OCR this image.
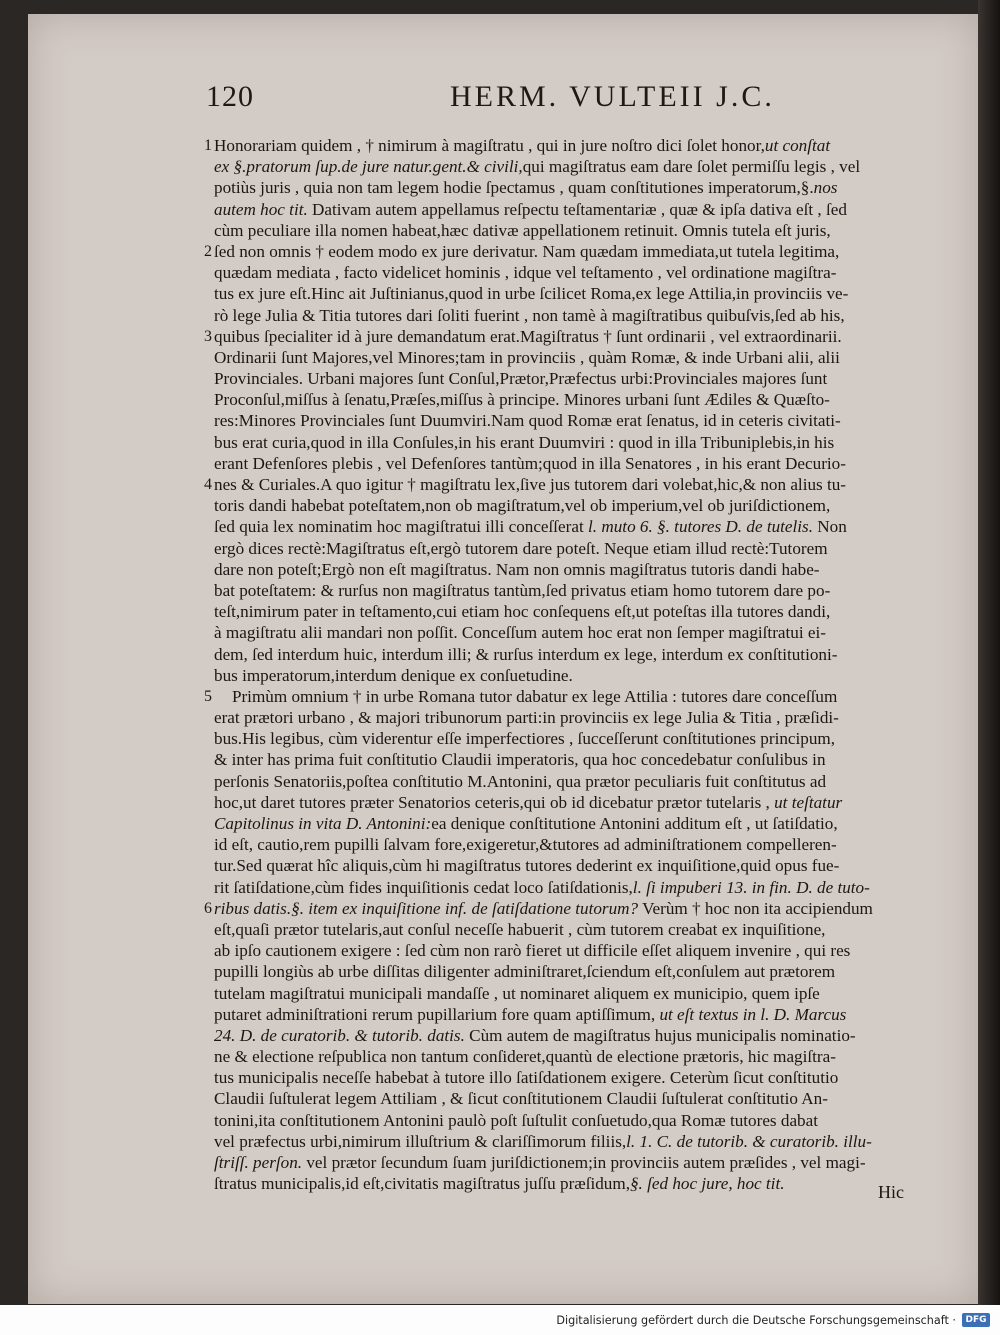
120	HERM. VULTEII J.C.
1 Honorariam quidem , † nimirum à magiſtratu , qui in jure noſtro dici ſolet honor,ut conſtat
ex §.pratorum ſup.de jure natur.gent.& civili,qui magiſtratus eam dare ſolet permiſſu legis , vel
potiùs juris , quia non tam legem hodie ſpectamus , quam conſtitutiones imperatorum,§.nos
autem hoc tit. Dativam autem appellamus reſpectu teſtamentariæ , quæ & ipſa dativa eſt , ſed
cùm peculiare illa nomen habeat,hæc dativæ appellationem retinuit. Omnis tutela eſt juris,
2 ſed non omnis † eodem modo ex jure derivatur. Nam quædam immediata,ut tutela legitima,
quædam mediata , facto videlicet hominis , idque vel teſtamento , vel ordinatione magiſtra-
tus ex jure eſt.Hinc ait Juſtinianus,quod in urbe ſcilicet Roma,ex lege Attilia,in provinciis ve-
rò lege Julia & Titia tutores dari ſoliti fuerint , non tamè à magiſtratibus quibuſvis,ſed ab his,
3 quibus ſpecialiter id à jure demandatum erat.Magiſtratus † ſunt ordinarii , vel extraordinarii.
Ordinarii ſunt Majores,vel Minores;tam in provinciis , quàm Romæ, & inde Urbani alii, alii
Provinciales. Urbani majores ſunt Conſul,Prætor,Præfectus urbi:Provinciales majores ſunt
Proconſul,miſſus à ſenatu,Præſes,miſſus à principe. Minores urbani ſunt Ædiles & Quæſto-
res:Minores Provinciales ſunt Duumviri.Nam quod Romæ erat ſenatus, id in ceteris civitati-
bus erat curia,quod in illa Conſules,in his erant Duumviri : quod in illa Tribuniplebis,in his
erant Defenſores plebis , vel Defenſores tantùm;quod in illa Senatores , in his erant Decurio-
4 nes & Curiales.A quo igitur † magiſtratu lex,ſive jus tutorem dari volebat,hic,& non alius tu-
toris dandi habebat poteſtatem,non ob magiſtratum,vel ob imperium,vel ob juriſdictionem,
ſed quia lex nominatim hoc magiſtratui illi conceſſerat l. muto 6. §. tutores D. de tutelis. Non
ergò dices rectè:Magiſtratus eſt,ergò tutorem dare poteſt. Neque etiam illud rectè:Tutorem
dare non poteſt;Ergò non eſt magiſtratus. Nam non omnis magiſtratus tutoris dandi habe-
bat poteſtatem: & rurſus non magiſtratus tantùm,ſed privatus etiam homo tutorem dare po-
teſt,nimirum pater in teſtamento,cui etiam hoc conſequens eſt,ut poteſtas illa tutores dandi,
à magiſtratu alii mandari non poſſit. Conceſſum autem hoc erat non ſemper magiſtratui ei-
dem, ſed interdum huic, interdum illi; & rurſus interdum ex lege, interdum ex conſtitutioni-
bus imperatorum,interdum denique ex conſuetudine.
5 Primùm omnium † in urbe Romana tutor dabatur ex lege Attilia : tutores dare conceſſum
erat prætori urbano , & majori tribunorum parti:in provinciis ex lege Julia & Titia , præſidi-
bus.His legibus, cùm viderentur eſſe imperfectiores , ſucceſſerunt conſtitutiones principum,
& inter has prima fuit conſtitutio Claudii imperatoris, qua hoc concedebatur conſulibus in
perſonis Senatoriis,poſtea conſtitutio M.Antonini, qua prætor peculiaris fuit conſtitutus ad
hoc,ut daret tutores præter Senatorios ceteris,qui ob id dicebatur prætor tutelaris , ut teſtatur
Capitolinus in vita D. Antonini:ea denique conſtitutione Antonini additum eſt , ut ſatiſdatio,
id eſt, cautio,rem pupilli ſalvam fore,exigeretur,&tutores ad adminiſtrationem compelleren-
tur.Sed quærat hîc aliquis,cùm hi magiſtratus tutores dederint ex inquiſitione,quid opus fue-
rit ſatiſdatione,cùm fides inquiſitionis cedat loco ſatiſdationis,l. ſi impuberi 13. in fin. D. de tuto-
6 ribus datis.§. item ex inquiſitione inf. de ſatiſdatione tutorum? Verùm † hoc non ita accipiendum
eſt,quaſi prætor tutelaris,aut conſul neceſſe habuerit , cùm tutorem creabat ex inquiſitione,
ab ipſo cautionem exigere : ſed cùm non rarò fieret ut difficile eſſet aliquem invenire , qui res
pupilli longiùs ab urbe diſſitas diligenter adminiſtraret,ſciendum eſt,conſulem aut prætorem
tutelam magiſtratui municipali mandaſſe , ut nominaret aliquem ex municipio, quem ipſe
putaret adminiſtrationi rerum pupillarium fore quam aptiſſimum, ut eſt textus in l. D. Marcus
24. D. de curatorib. & tutorib. datis. Cùm autem de magiſtratus hujus municipalis nominatio-
ne & electione reſpublica non tantum conſideret,quantù de electione prætoris, hic magiſtra-
tus municipalis neceſſe habebat à tutore illo ſatiſdationem exigere. Ceterùm ſicut conſtitutio
Claudii ſuſtulerat legem Attiliam , & ſicut conſtitutionem Claudii ſuſtulerat conſtitutio An-
tonini,ita conſtitutionem Antonini paulò poſt ſuſtulit conſuetudo,qua Romæ tutores dabat
vel præfectus urbi,nimirum illuſtrium & clariſſimorum filiis,l. 1. C. de tutorib. & curatorib. illu-
ſtriſſ. perſon. vel prætor ſecundum ſuam juriſdictionem;in provinciis autem præſides , vel magi-
ſtratus municipalis,id eſt,civitatis magiſtratus juſſu præſidum,§. ſed hoc jure, hoc tit.	Hic
Digitalisierung gefördert durch die Deutsche Forschungsgemeinschaft ·	DFG
